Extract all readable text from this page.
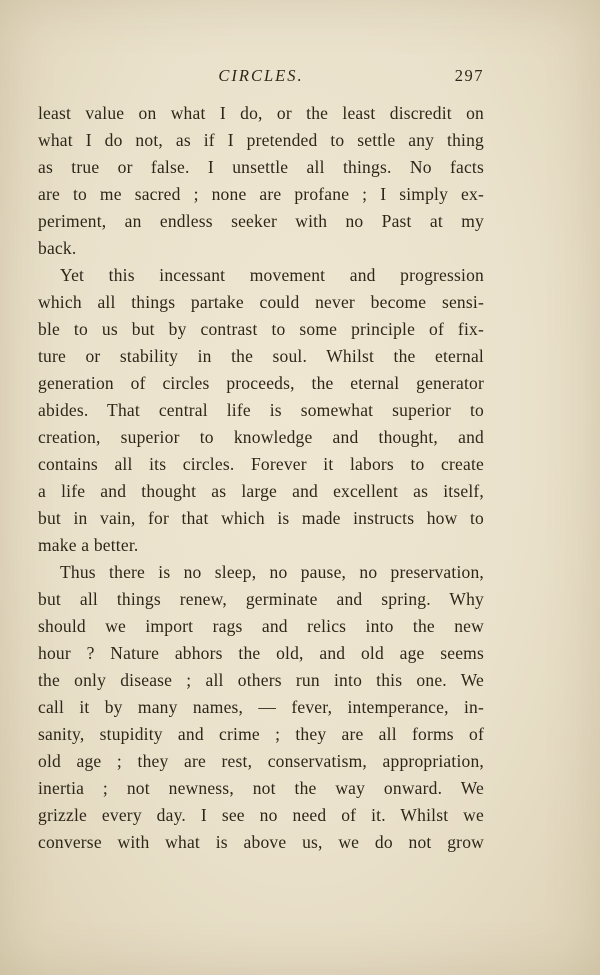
CIRCLES.	297
least value on what I do, or the least discredit on
what I do not, as if I pretended to settle any thing
as true or false. I unsettle all things. No facts
are to me sacred ; none are profane ; I simply ex-
periment, an endless seeker with no Past at my
back.
Yet this incessant movement and progression
which all things partake could never become sensi-
ble to us but by contrast to some principle of fix-
ture or stability in the soul. Whilst the eternal
generation of circles proceeds, the eternal generator
abides. That central life is somewhat superior to
creation, superior to knowledge and thought, and
contains all its circles. Forever it labors to create
a life and thought as large and excellent as itself,
but in vain, for that which is made instructs how to
make a better.
Thus there is no sleep, no pause, no preservation,
but all things renew, germinate and spring. Why
should we import rags and relics into the new
hour ? Nature abhors the old, and old age seems
the only disease ; all others run into this one. We
call it by many names, — fever, intemperance, in-
sanity, stupidity and crime ; they are all forms of
old age ; they are rest, conservatism, appropriation,
inertia ; not newness, not the way onward. We
grizzle every day. I see no need of it. Whilst we
converse with what is above us, we do not grow
